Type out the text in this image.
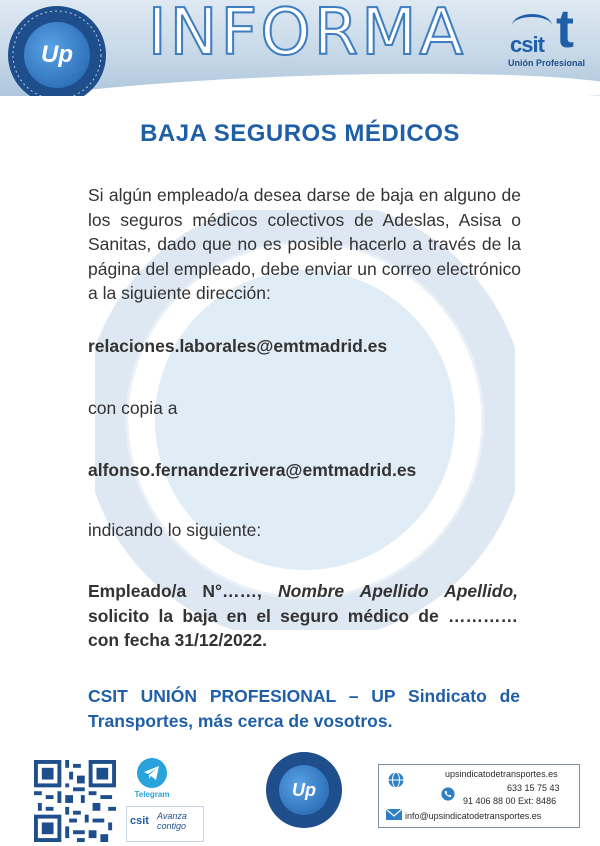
Up	INFORMA	csit t
Unión Profesional
BAJA SEGUROS MÉDICOS
Si algún empleado/a desea darse de baja en alguno de los seguros médicos colectivos de Adeslas, Asisa o Sanitas, dado que no es posible hacerlo a través de la página del empleado, debe enviar un correo electrónico a la siguiente dirección:
relaciones.laborales@emtmadrid.es
con copia a
alfonso.fernandezrivera@emtmadrid.es
indicando lo siguiente:
Empleado/a N°……, Nombre Apellido Apellido, solicito la baja en el seguro médico de ………… con fecha 31/12/2022.
CSIT UNIÓN PROFESIONAL – UP Sindicato de Transportes, más cerca de vosotros.
Telegram
csit Avanza
contigo
Up
upsindicatodetransportes.es
633 15 75 43
91 406 88 00 Ext: 8486
info@upsindicatodetransportes.es
